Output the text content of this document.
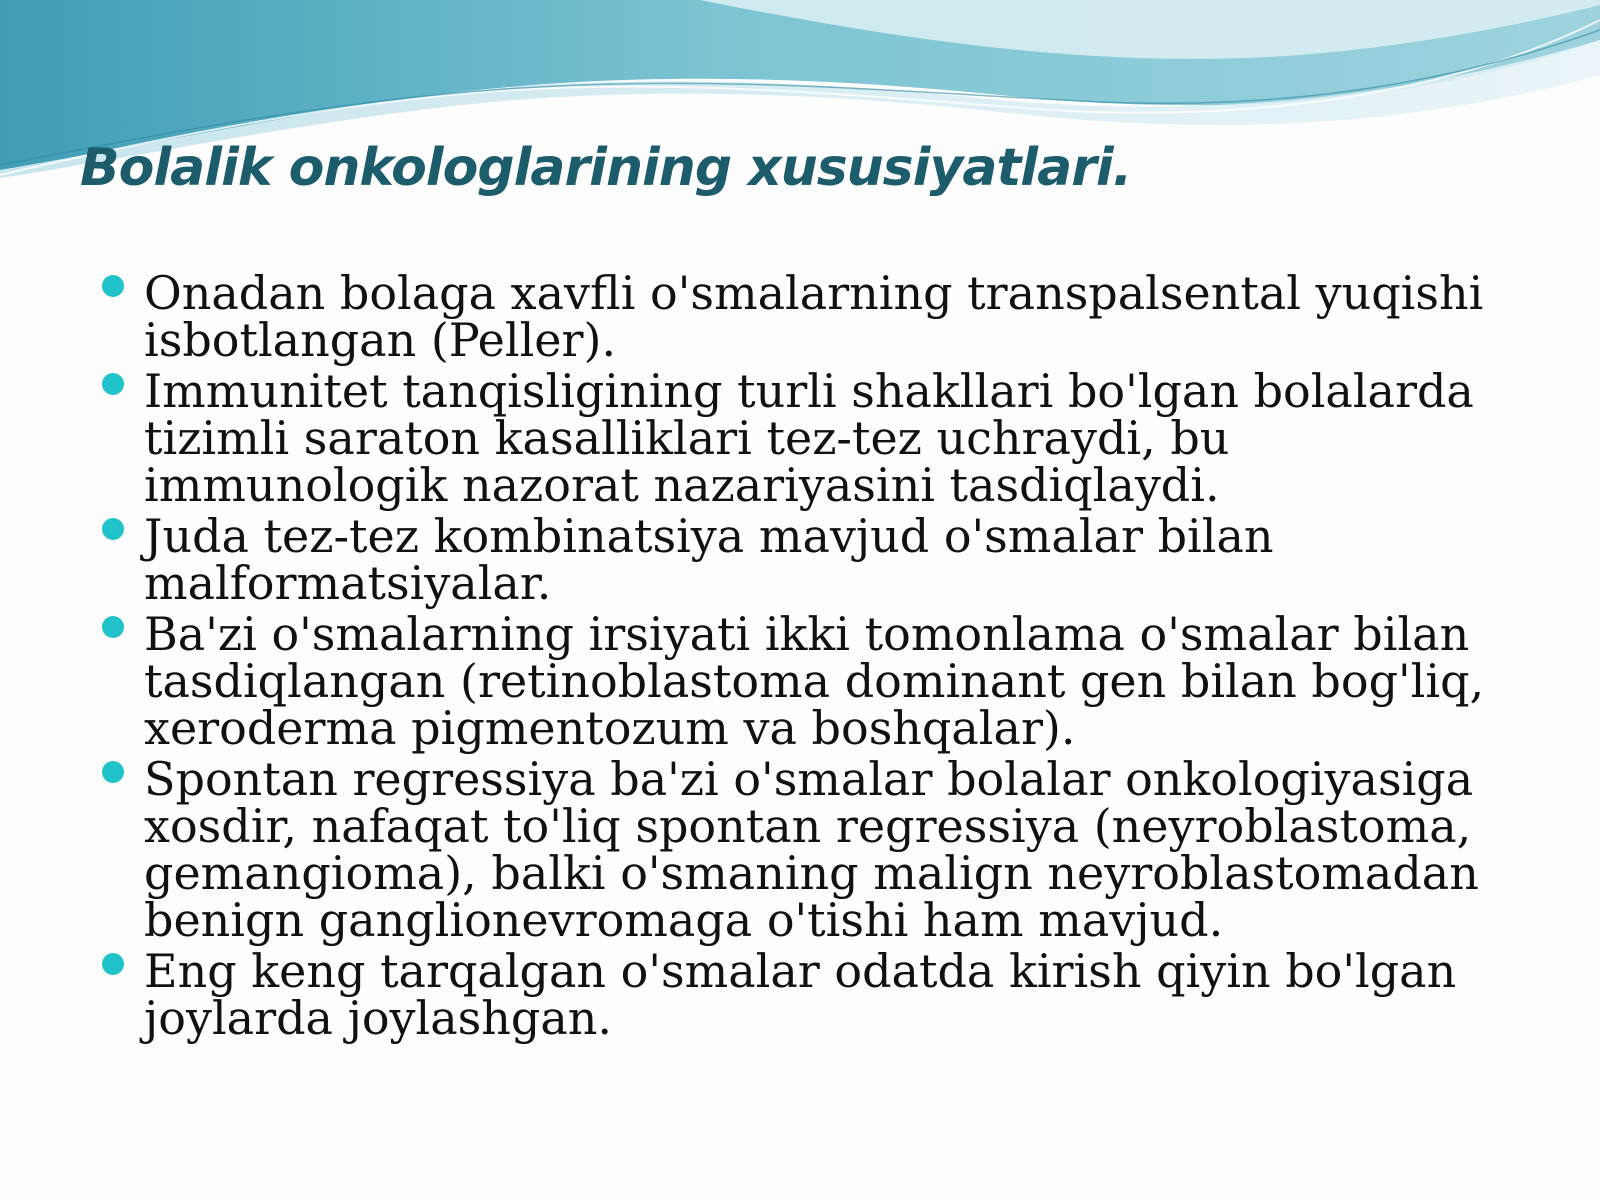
Bolalik onkologlarining xususiyatlari.
Onadan bolaga xavfli o'smalarning transpalsental yuqishi isbotlangan (Peller).
Immunitet tanqisligining turli shakllari bo'lgan bolalarda tizimli saraton kasalliklari tez-tez uchraydi, bu immunologik nazorat nazariyasini tasdiqlaydi.
Juda tez-tez kombinatsiya mavjud o'smalar bilan malformatsiyalar.
Ba'zi o'smalarning irsiyati ikki tomonlama o'smalar bilan tasdiqlangan (retinoblastoma dominant gen bilan bog'liq, xeroderma pigmentozum va boshqalar).
Spontan regressiya ba'zi o'smalar bolalar onkologiyasiga xosdir, nafaqat to'liq spontan regressiya (neyroblastoma, gemangioma), balki o'smaning malign neyroblastomadan benign ganglionevromaga o'tishi ham mavjud.
Eng keng tarqalgan o'smalar odatda kirish qiyin bo'lgan joylarda joylashgan.
